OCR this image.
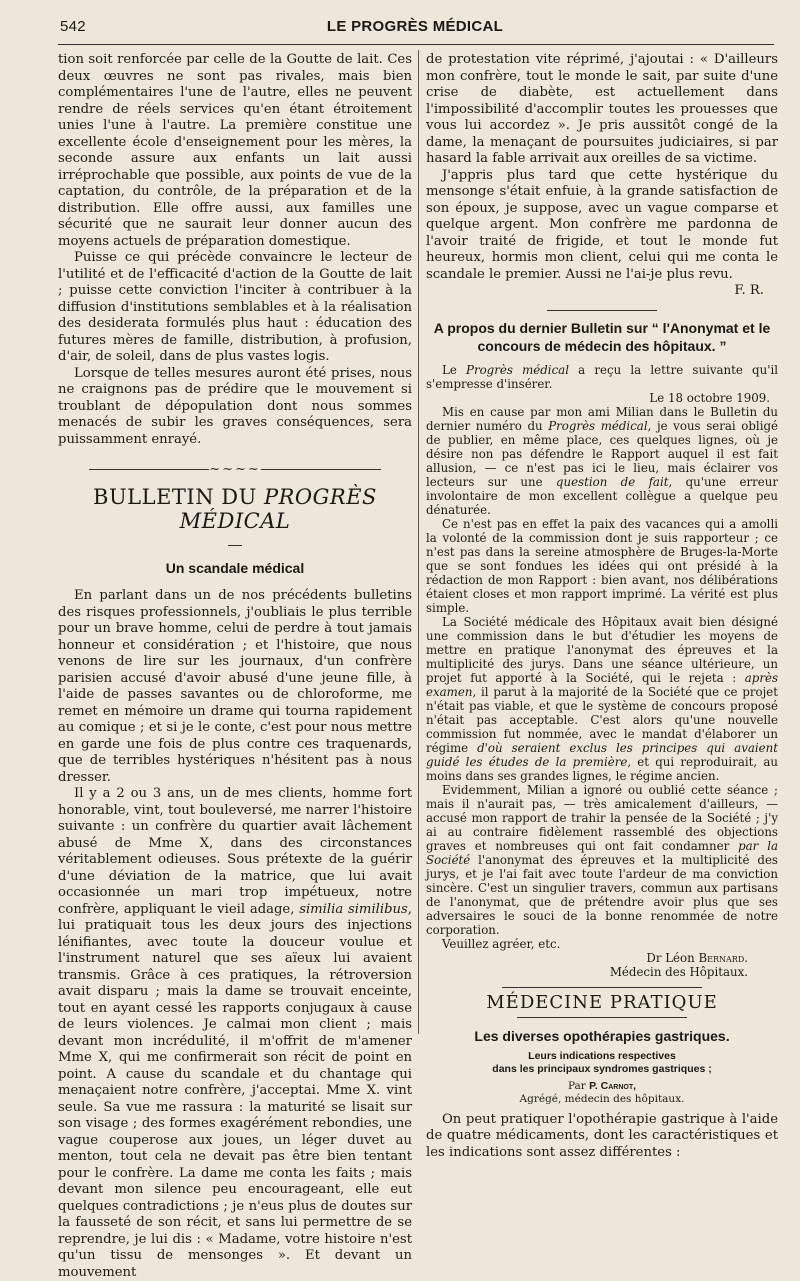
542	LE PROGRÈS MÉDICAL

tion soit renforcée par celle de la Goutte de lait. Ces deux œuvres ne sont pas rivales, mais bien complémentaires l'une de l'autre, elles ne peuvent rendre de réels services qu'en étant étroitement unies l'une à l'autre. La première constitue une excellente école d'enseignement pour les mères, la seconde assure aux enfants un lait aussi irréprochable que possible, aux points de vue de la captation, du contrôle, de la préparation et de la distribution. Elle offre aussi, aux familles une sécurité que ne saurait leur donner aucun des moyens actuels de préparation domestique.

Puisse ce qui précède convaincre le lecteur de l'utilité et de l'efficacité d'action de la Goutte de lait ; puisse cette conviction l'inciter à contribuer à la diffusion d'institutions semblables et à la réalisation des desiderata formulés plus haut : éducation des futures mères de famille, distribution, à profusion, d'air, de soleil, dans de plus vastes logis.

Lorsque de telles mesures auront été prises, nous ne craignons pas de prédire que le mouvement si troublant de dépopulation dont nous sommes menacés de subir les graves conséquences, sera puissamment enrayé.

~~~~
BULLETIN DU PROGRÈS MÉDICAL
Un scandale médical

En parlant dans un de nos précédents bulletins des risques professionnels, j'oubliais le plus terrible pour un brave homme, celui de perdre à tout jamais honneur et considération ; et l'histoire, que nous venons de lire sur les journaux, d'un confrère parisien accusé d'avoir abusé d'une jeune fille, à l'aide de passes savantes ou de chloroforme, me remet en mémoire un drame qui tourna rapidement au comique ; et si je le conte, c'est pour nous mettre en garde une fois de plus contre ces traquenards, que de terribles hystériques n'hésitent pas à nous dresser.

Il y a 2 ou 3 ans, un de mes clients, homme fort honorable, vint, tout bouleversé, me narrer l'histoire suivante : un confrère du quartier avait lâchement abusé de Mme X, dans des circonstances véritablement odieuses. Sous prétexte de la guérir d'une déviation de la matrice, que lui avait occasionnée un mari trop impétueux, notre confrère, appliquant le vieil adage, similia similibus, lui pratiquait tous les deux jours des injections lénifiantes, avec toute la douceur voulue et l'instrument naturel que ses aïeux lui avaient transmis. Grâce à ces pratiques, la rétroversion avait disparu ; mais la dame se trouvait enceinte, tout en ayant cessé les rapports conjugaux à cause de leurs violences. Je calmai mon client ; mais devant mon incrédulité, il m'offrit de m'amener Mme X, qui me confirmerait son récit de point en point. A cause du scandale et du chantage qui menaçaient notre confrère, j'acceptai. Mme X. vint seule. Sa vue me rassura : la maturité se lisait sur son visage ; des formes exagérément rebondies, une vague couperose aux joues, un léger duvet au menton, tout cela ne devait pas être bien tentant pour le confrère. La dame me conta les faits ; mais devant mon silence peu encourageant, elle eut quelques contradictions ; je n'eus plus de doutes sur la fausseté de son récit, et sans lui permettre de se reprendre, je lui dis : « Madame, votre histoire n'est qu'un tissu de mensonges ». Et devant un mouvement

de protestation vite réprimé, j'ajoutai : « D'ailleurs mon confrère, tout le monde le sait, par suite d'une crise de diabète, est actuellement dans l'impossibilité d'accomplir toutes les prouesses que vous lui accordez ». Je pris aussitôt congé de la dame, la menaçant de poursuites judiciaires, si par hasard la fable arrivait aux oreilles de sa victime.

J'appris plus tard que cette hystérique du mensonge s'était enfuie, à la grande satisfaction de son époux, je suppose, avec un vague comparse et quelque argent. Mon confrère me pardonna de l'avoir traité de frigide, et tout le monde fut heureux, hormis mon client, celui qui me conta le scandale le premier. Aussi ne l'ai-je plus revu.

F. R.
A propos du dernier Bulletin sur “ l'Anonymat et le concours de médecin des hôpitaux. ”

Le Progrès médical a reçu la lettre suivante qu'il s'empresse d'insérer.

Le 18 octobre 1909.

Mis en cause par mon ami Milian dans le Bulletin du dernier numéro du Progrès médical, je vous serai obligé de publier, en même place, ces quelques lignes, où je désire non pas défendre le Rapport auquel il est fait allusion, — ce n'est pas ici le lieu, mais éclairer vos lecteurs sur une question de fait, qu'une erreur involontaire de mon excellent collègue a quelque peu dénaturée.

Ce n'est pas en effet la paix des vacances qui a amolli la volonté de la commission dont je suis rapporteur ; ce n'est pas dans la sereine atmosphère de Bruges-la-Morte que se sont fondues les idées qui ont présidé à la rédaction de mon Rapport : bien avant, nos délibérations étaient closes et mon rapport imprimé. La vérité est plus simple.

La Société médicale des Hôpitaux avait bien désigné une commission dans le but d'étudier les moyens de mettre en pratique l'anonymat des épreuves et la multiplicité des jurys. Dans une séance ultérieure, un projet fut apporté à la Société, qui le rejeta : après examen, il parut à la majorité de la Société que ce projet n'était pas viable, et que le système de concours proposé n'était pas acceptable. C'est alors qu'une nouvelle commission fut nommée, avec le mandat d'élaborer un régime d'où seraient exclus les principes qui avaient guidé les études de la première, et qui reproduirait, au moins dans ses grandes lignes, le régime ancien.

Evidemment, Milian a ignoré ou oublié cette séance ; mais il n'aurait pas, — très amicalement d'ailleurs, — accusé mon rapport de trahir la pensée de la Société ; j'y ai au contraire fidèlement rassemblé des objections graves et nombreuses qui ont fait condamner par la Société l'anonymat des épreuves et la multiplicité des jurys, et je l'ai fait avec toute l'ardeur de ma conviction sincère. C'est un singulier travers, commun aux partisans de l'anonymat, que de prétendre avoir plus que ses adversaires le souci de la bonne renommée de notre corporation.

Veuillez agréer, etc.

Dr Léon Bernard.
Médecin des Hôpitaux.
MÉDECINE PRATIQUE
Les diverses opothérapies gastriques.
Leurs indications respectives
dans les principaux syndromes gastriques ;
Par P. Carnot,
Agrégé, médecin des hôpitaux.

On peut pratiquer l'opothérapie gastrique à l'aide de quatre médicaments, dont les caractéristiques et les indications sont assez différentes :
